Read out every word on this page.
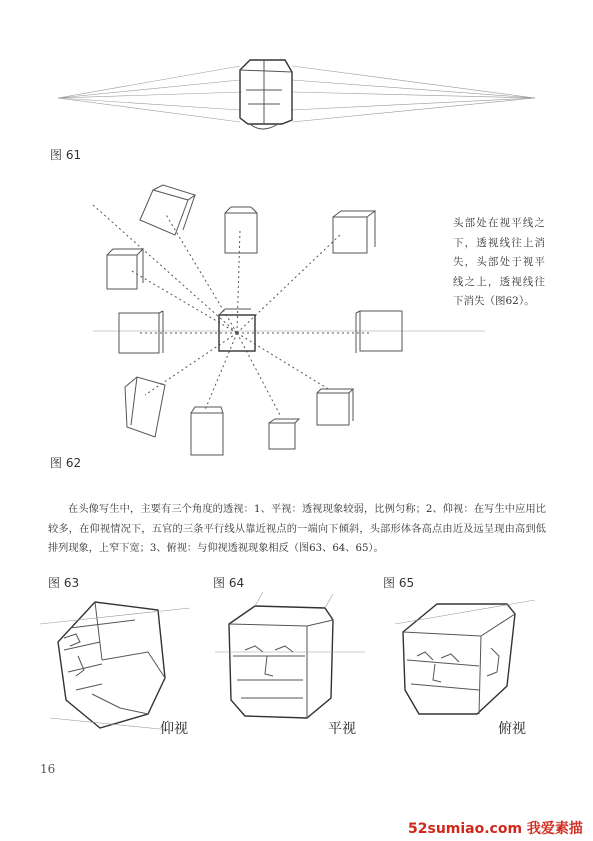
图 61
头部处在视平线之下，透视线往上消失，头部处于视平线之上，透视线往下消失（图62）。
图 62
在头像写生中，主要有三个角度的透视：1、平视：透视现象较弱，比例匀称；2、仰视：在写生中应用比较多，在仰视情况下，五官的三条平行线从靠近视点的一端向下倾斜，头部形体各高点由近及远呈现由高到低排列现象，上窄下宽；3、俯视：与仰视透视现象相反（图63、64、65）。
图 63	图 64	图 65
仰视	平视	俯视
16
52sumiao.com 我爱素描
